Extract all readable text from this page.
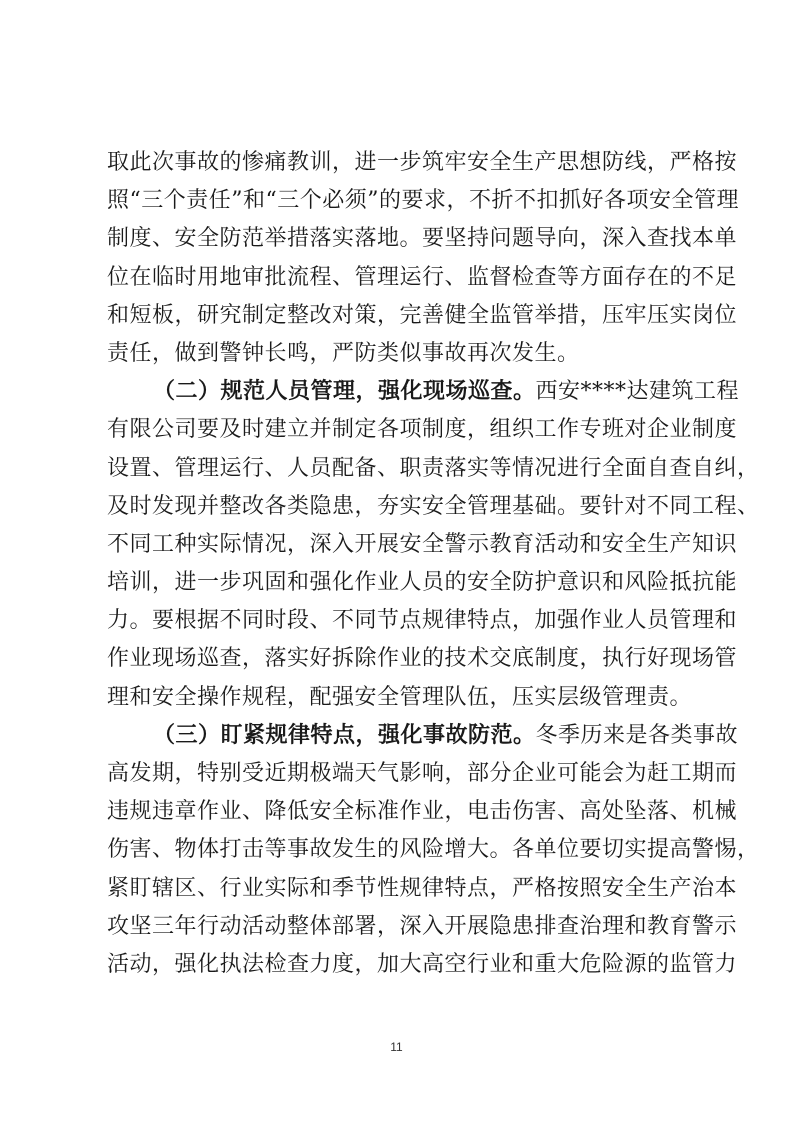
取此次事故的惨痛教训，进一步筑牢安全生产思想防线，严格按
照“三个责任”和“三个必须”的要求，不折不扣抓好各项安全管理
制度、安全防范举措落实落地。要坚持问题导向，深入查找本单
位在临时用地审批流程、管理运行、监督检查等方面存在的不足
和短板，研究制定整改对策，完善健全监管举措，压牢压实岗位
责任，做到警钟长鸣，严防类似事故再次发生。
（二）规范人员管理，强化现场巡查。西安****达建筑工程
有限公司要及时建立并制定各项制度，组织工作专班对企业制度
设置、管理运行、人员配备、职责落实等情况进行全面自查自纠，
及时发现并整改各类隐患，夯实安全管理基础。要针对不同工程、
不同工种实际情况，深入开展安全警示教育活动和安全生产知识
培训，进一步巩固和强化作业人员的安全防护意识和风险抵抗能
力。要根据不同时段、不同节点规律特点，加强作业人员管理和
作业现场巡查，落实好拆除作业的技术交底制度，执行好现场管
理和安全操作规程，配强安全管理队伍，压实层级管理责。
（三）盯紧规律特点，强化事故防范。冬季历来是各类事故
高发期，特别受近期极端天气影响，部分企业可能会为赶工期而
违规违章作业、降低安全标准作业，电击伤害、高处坠落、机械
伤害、物体打击等事故发生的风险增大。各单位要切实提高警惕，
紧盯辖区、行业实际和季节性规律特点，严格按照安全生产治本
攻坚三年行动活动整体部署，深入开展隐患排查治理和教育警示
活动，强化执法检查力度，加大高空行业和重大危险源的监管力
11
